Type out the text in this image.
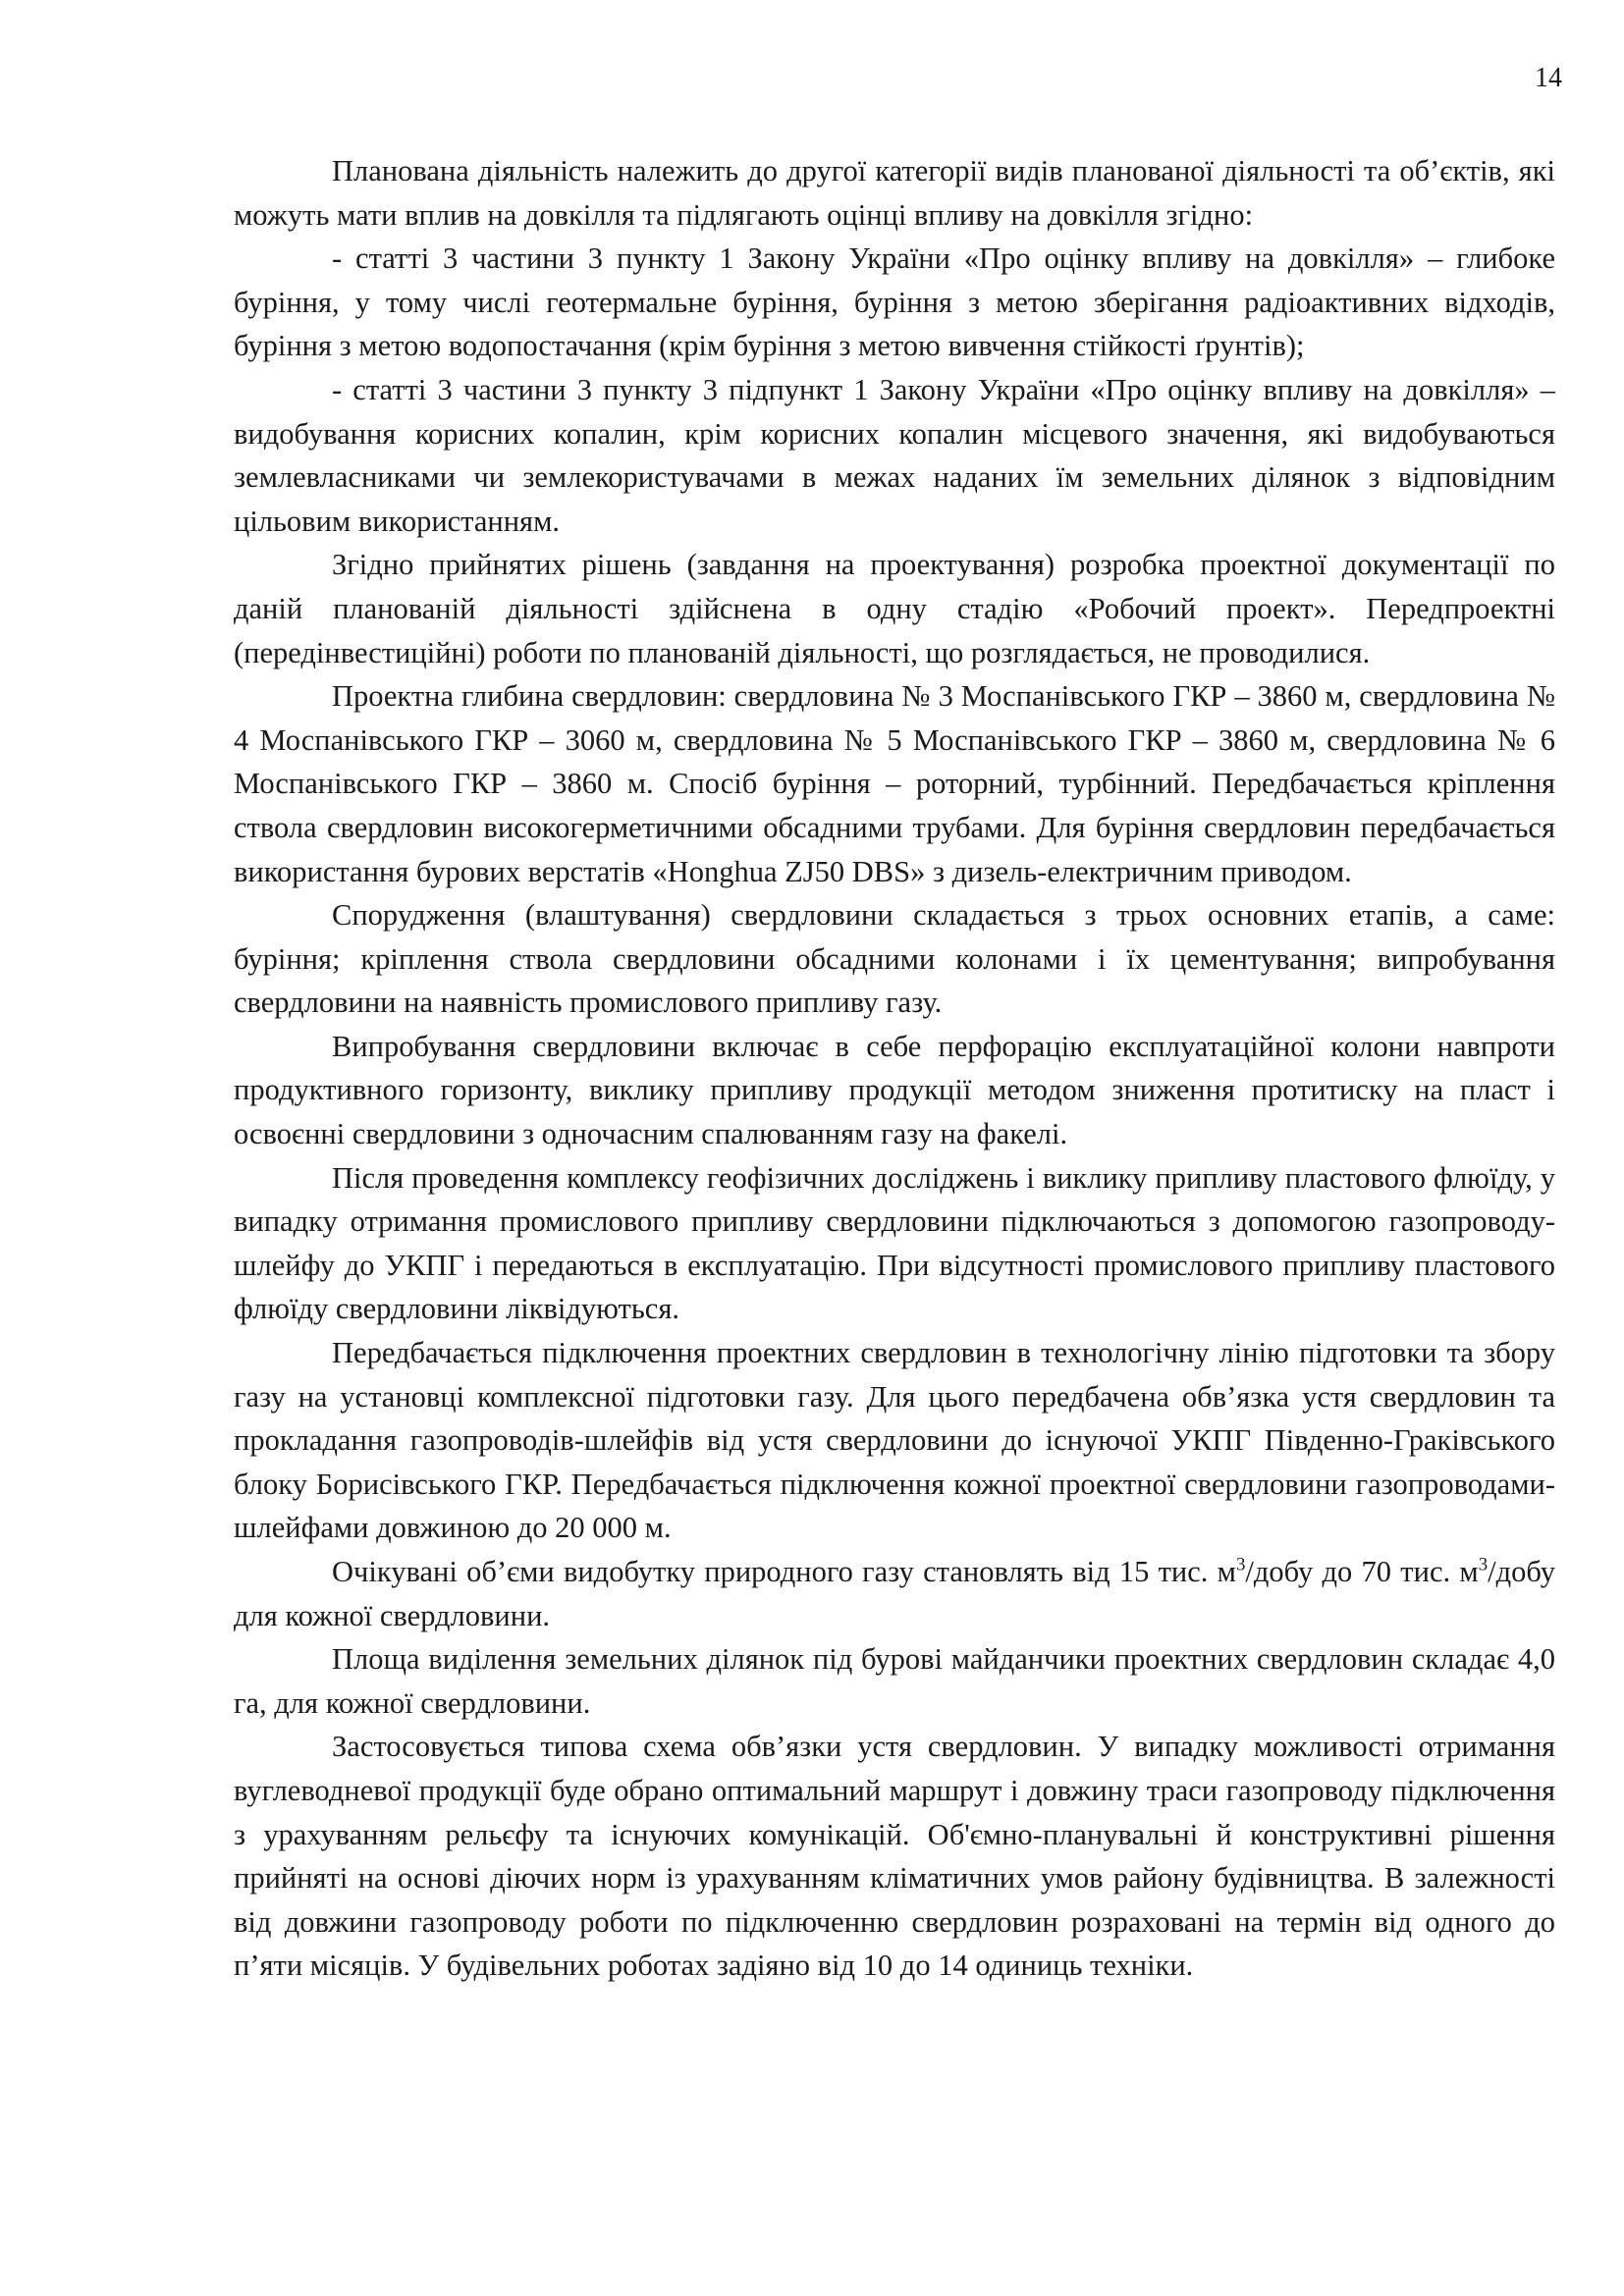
14

Планована діяльність належить до другої категорії видів планованої діяльності та об’єктів, які можуть мати вплив на довкілля та підлягають оцінці впливу на довкілля згідно:

- статті 3 частини 3 пункту 1 Закону України «Про оцінку впливу на довкілля» – глибоке буріння, у тому числі геотермальне буріння, буріння з метою зберігання радіоактивних відходів, буріння з метою водопостачання (крім буріння з метою вивчення стійкості ґрунтів);

- статті 3 частини 3 пункту 3 підпункт 1 Закону України «Про оцінку впливу на довкілля» – видобування корисних копалин, крім корисних копалин місцевого значення, які видобуваються землевласниками чи землекористувачами в межах наданих їм земельних ділянок з відповідним цільовим використанням.

Згідно прийнятих рішень (завдання на проектування) розробка проектної документації по даній планованій діяльності здійснена в одну стадію «Робочий проект». Передпроектні (передінвестиційні) роботи по планованій діяльності, що розглядається, не проводилися.

Проектна глибина свердловин: свердловина № 3 Моспанівського ГКР – 3860 м, свердловина № 4 Моспанівського ГКР – 3060 м, свердловина № 5 Моспанівського ГКР – 3860 м, свердловина № 6 Моспанівського ГКР – 3860 м. Спосіб буріння – роторний, турбінний. Передбачається кріплення ствола свердловин високогерметичними обсадними трубами. Для буріння свердловин передбачається використання бурових верстатів «Honghua ZJ50 DBS» з дизель-електричним приводом.

Спорудження (влаштування) свердловини складається з трьох основних етапів, а саме: буріння; кріплення ствола свердловини обсадними колонами і їх цементування; випробування свердловини на наявність промислового припливу газу.

Випробування свердловини включає в себе перфорацію експлуатаційної колони навпроти продуктивного горизонту, виклику припливу продукції методом зниження протитиску на пласт і освоєнні свердловини з одночасним спалюванням газу на факелі.

Після проведення комплексу геофізичних досліджень і виклику припливу пластового флюїду, у випадку отримання промислового припливу свердловини підключаються з допомогою газопроводу-шлейфу до УКПГ і передаються в експлуатацію. При відсутності промислового припливу пластового флюїду свердловини ліквідуються.

Передбачається підключення проектних свердловин в технологічну лінію підготовки та збору газу на установці комплексної підготовки газу. Для цього передбачена обв’язка устя свердловин та прокладання газопроводів-шлейфів від устя свердловини до існуючої УКПГ Південно-Гракiвського блоку Борисівського ГКР. Передбачається підключення кожної проектної свердловини газопроводами-шлейфами довжиною до 20 000 м.

Очікувані об’єми видобутку природного газу становлять від 15 тис. $м^3$/добу до 70 тис. $м^3$/добу для кожної свердловини.

Площа виділення земельних ділянок під бурові майданчики проектних свердловин складає 4,0 га, для кожної свердловини.

Застосовується типова схема обв’язки устя свердловин. У випадку можливості отримання вуглеводневої продукції буде обрано оптимальний маршрут і довжину траси газопроводу підключення з урахуванням рельєфу та існуючих комунікацій. Об'ємно-планувальні й конструктивні рішення прийняті на основі діючих норм із урахуванням кліматичних умов району будівництва. В залежності від довжини газопроводу роботи по підключенню свердловин розраховані на термін від одного до п’яти місяців. У будівельних роботах задіяно від 10 до 14 одиниць техніки.
